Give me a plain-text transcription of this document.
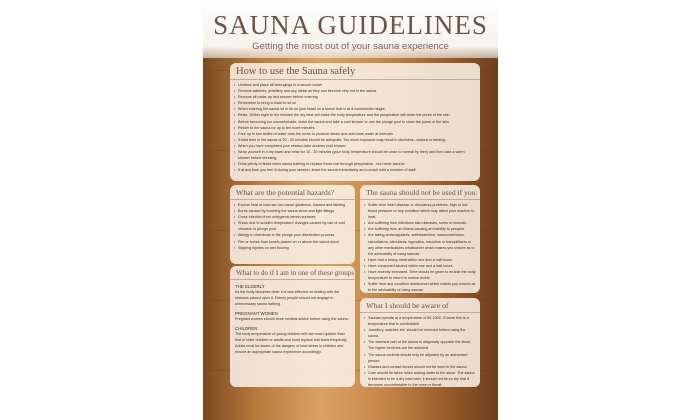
SAUNA GUIDELINES
Getting the most out of your sauna experience
How to use the Sauna safely
• Undress and place all belongings in a secure locker
• Remove watches, jewellery and any metal as they can become very hot in the sauna.
• Remove all make-up and shower before entering
• Remember to bring a towel to sit on
• When entering the sauna sit or lie on your towel on a bench that is at a comfortable height.
• Relax. Within eight to ten minutes the dry heat will make the body temperature and the perspiration will clean the pores of the skin.
• Before becoming too uncomfortable, leave the sauna and take a cold shower or use the plunge pool to close the pores of the skin.
• Return to the sauna for up to ten more minutes.
• Pour up to two ladles of water onto the rocks to produce steam and add more water at intervals
• A total time in the sauna of 20 - 30 minutes should be adequate. Too much exposure may result in dizziness, nausea or fainting.
• When you have completed your session take another cold shower.
• Wrap yourself in a dry towel and relax for 15 - 20 minutes (your body temperature should be close to normal by then) and then take a warm shower before dressing.
• Drink plenty of fluids when sauna bathing to replace those lost through perspiration - but never alcohol
• If at any time you feel ill during your session, leave the sauna immediately and consult with a member of staff.
What are the potential hazards?
• Excess heat or overuse can cause giddiness, nausea and fainting
• Burns caused by touching the sauna stove and light fittings
• Cross infection from unhygienic bench surfaces
• Shock due to sudden temperature changes caused by use of cold showers or plunge pool.
• Allergy to chemicals in the plunge pool disinfection process
• Fire or fumes from towels placed on or above the sauna stove
• Slipping injuries on wet flooring
What to do if I am in one of these groups
THE ELDERLY
As the body becomes older it is less effective at dealing with the stresses placed upon it. Elderly people should not engage in unnecessary sauna bathing.
PREGNANT WOMEN
Pregnant women should seek medical advice before using the sauna.
CHILDREN
The body temperature of young children will rise much quicker than that of older children or adults and must replace lost fluids frequently. Adults must be aware of the dangers of heat stress in children and ensure an appropriate sauna experience accordingly.
The sauna should not be used if you:
• Suffer from heart disease or circulatory problems, high or low blood pressure or any condition which may affect your reaction to heat.
• Are suffering from infectious skin diseases, sores or wounds.
• Are suffering from an illness causing an inability to perspire.
• Are taking anticoagulants, antihistamines, vasoconstrictors, vasodilators, stimulants, hypnotics, narcotics or tranquillisers or any other medications whatsoever which makes you unsure as to the advisability of using saunas.
• Have had a heavy meal within one and a half hours.
• Have consumed alcohol within one and a half hours.
• Have recently exercised. Time should be given to enable the body temperature to return to normal levels.
• Suffer from any condition whatsoever which makes you unsure as to the advisability of using saunas.
What I should be aware of
• Saunas operate at a temperature of 85-100C. Ensure this is a temperature that is comfortable.
• Jewellery, watches etc. should be removed before using the sauna.
• The warmest part of the sauna is diagonally opposite the stove. The higher benches are the warmest.
• The sauna controls should only be adjusted by an authorised person.
• Glasses and contact lenses should not be worn in the sauna.
• Care should be taken when adding water to the stove. The sauna is intended to be a dry heat bath, it should not be so dry that it becomes uncomfortable to the nose or throat.
